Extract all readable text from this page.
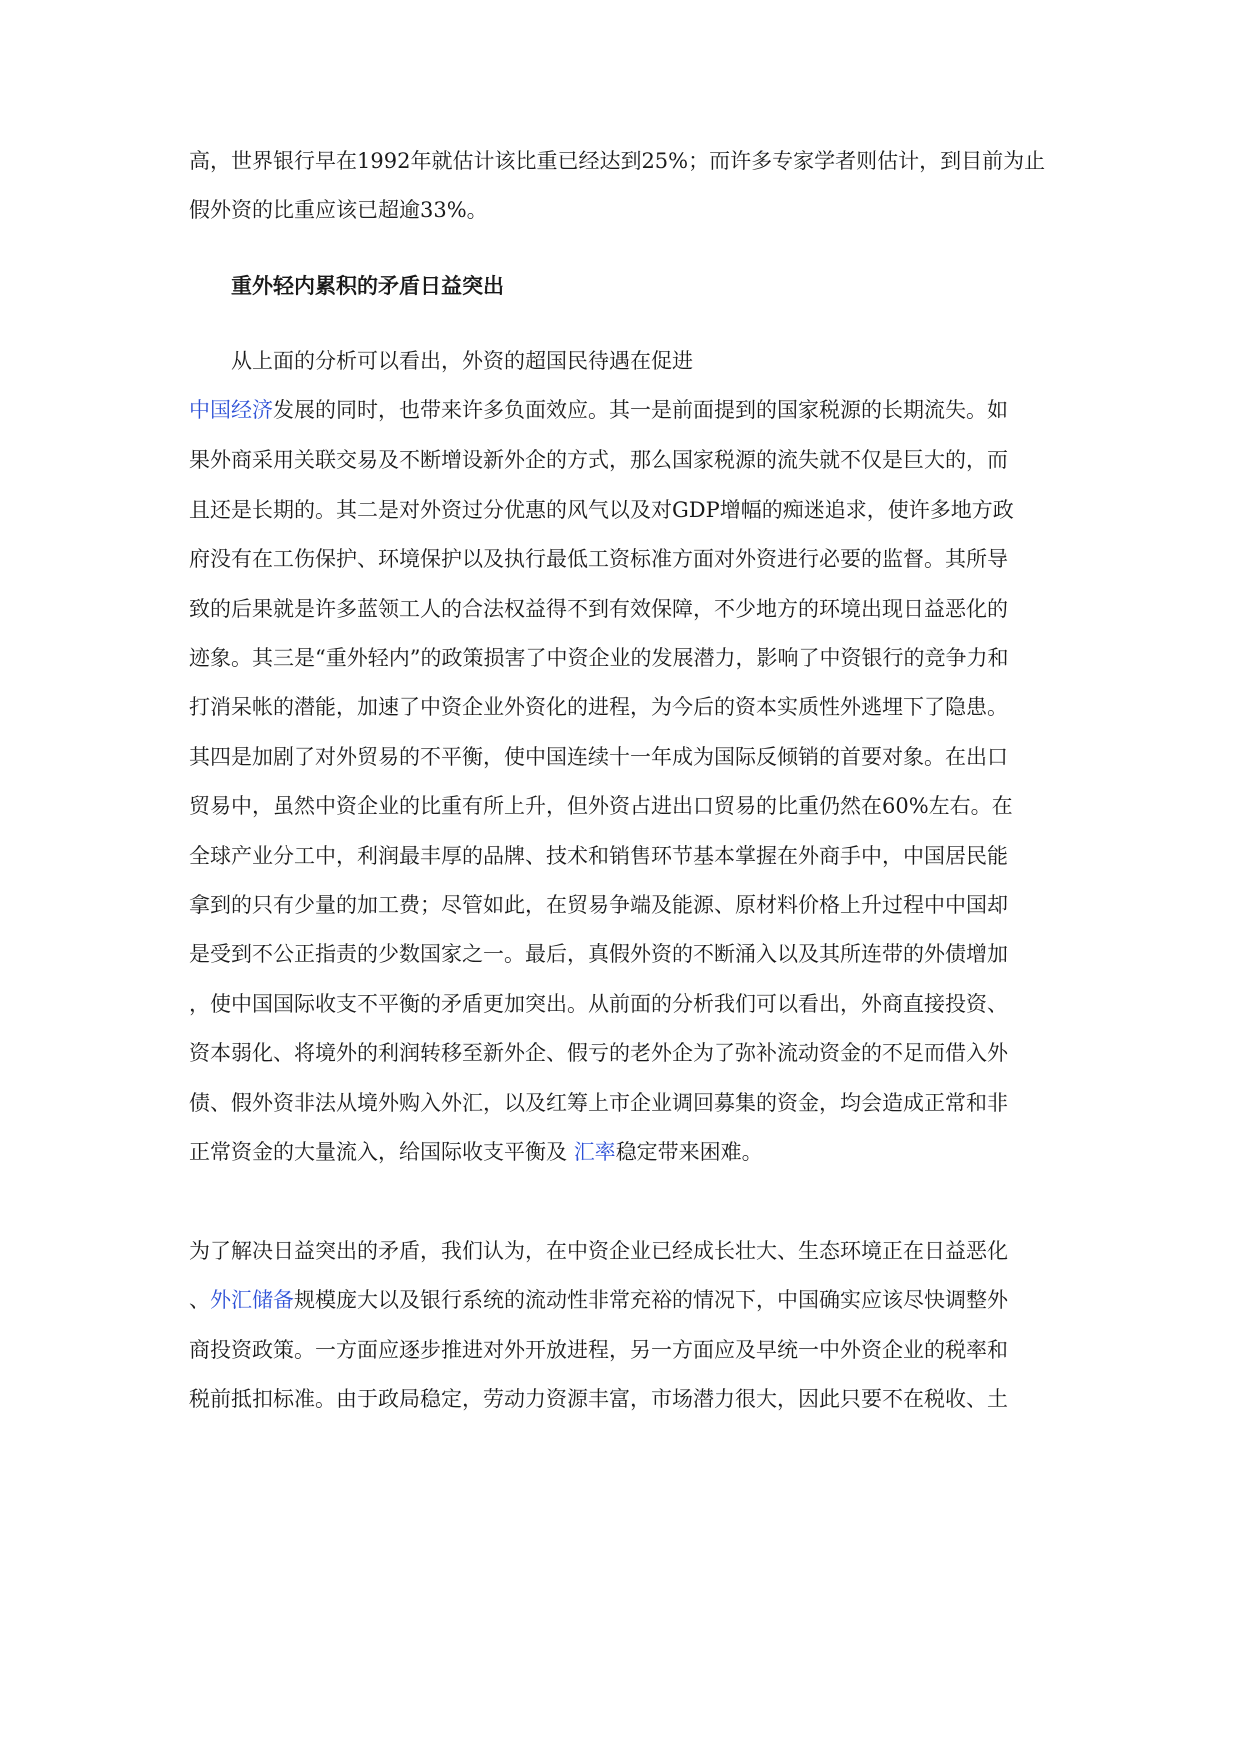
高，世界银行早在1992年就估计该比重已经达到25%；而许多专家学者则估计，到目前为止
假外资的比重应该已超逾33%。
重外轻内累积的矛盾日益突出
从上面的分析可以看出，外资的超国民待遇在促进
中国经济发展的同时，也带来许多负面效应。其一是前面提到的国家税源的长期流失。如
果外商采用关联交易及不断增设新外企的方式，那么国家税源的流失就不仅是巨大的，而
且还是长期的。其二是对外资过分优惠的风气以及对GDP增幅的痴迷追求，使许多地方政
府没有在工伤保护、环境保护以及执行最低工资标准方面对外资进行必要的监督。其所导
致的后果就是许多蓝领工人的合法权益得不到有效保障，不少地方的环境出现日益恶化的
迹象。其三是“重外轻内”的政策损害了中资企业的发展潜力，影响了中资银行的竞争力和
打消呆帐的潜能，加速了中资企业外资化的进程，为今后的资本实质性外逃埋下了隐患。
其四是加剧了对外贸易的不平衡，使中国连续十一年成为国际反倾销的首要对象。在出口
贸易中，虽然中资企业的比重有所上升，但外资占进出口贸易的比重仍然在60%左右。在
全球产业分工中，利润最丰厚的品牌、技术和销售环节基本掌握在外商手中，中国居民能
拿到的只有少量的加工费；尽管如此，在贸易争端及能源、原材料价格上升过程中中国却
是受到不公正指责的少数国家之一。最后，真假外资的不断涌入以及其所连带的外债增加
，使中国国际收支不平衡的矛盾更加突出。从前面的分析我们可以看出，外商直接投资、
资本弱化、将境外的利润转移至新外企、假亏的老外企为了弥补流动资金的不足而借入外
债、假外资非法从境外购入外汇，以及红筹上市企业调回募集的资金，均会造成正常和非
正常资金的大量流入，给国际收支平衡及 汇率稳定带来困难。
为了解决日益突出的矛盾，我们认为，在中资企业已经成长壮大、生态环境正在日益恶化
、外汇储备规模庞大以及银行系统的流动性非常充裕的情况下，中国确实应该尽快调整外
商投资政策。一方面应逐步推进对外开放进程，另一方面应及早统一中外资企业的税率和
税前抵扣标准。由于政局稳定，劳动力资源丰富，市场潜力很大，因此只要不在税收、土
